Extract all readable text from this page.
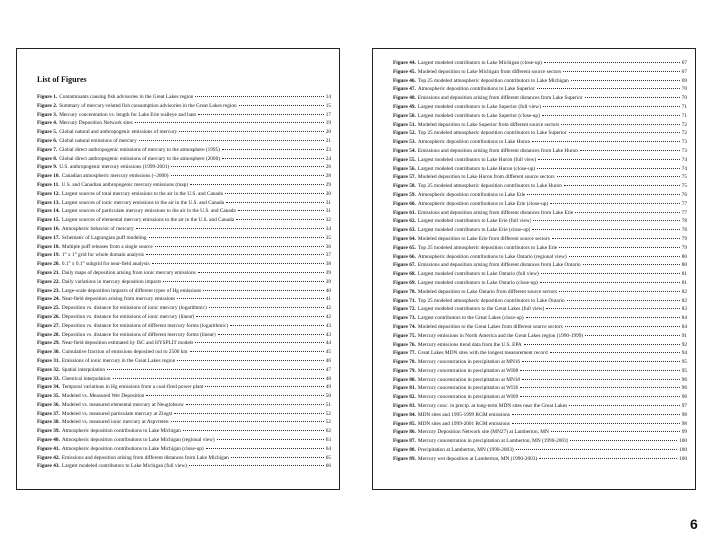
List of Figures
Figure 1. Contaminants causing fish advisories in the Great Lakes region	14
Figure 2. Summary of mercury-related fish consumption advisories in the Great Lakes region	15
Figure 3. Mercury concentration vs. length for Lake Erie walleye and bass	17
Figure 4. Mercury Deposition Network sites	19
Figure 5. Global natural and anthropogenic emissions of mercury	20
Figure 6. Global natural emissions of mercury	21
Figure 7. Global direct anthropogenic emissions of mercury to the atmosphere (1995)	23
Figure 8. Global direct anthropogenic emissions of mercury to the atmosphere (2000)	24
Figure 9. U.S. anthropogenic mercury emissions (1999-2001)	26
Figure 10. Canadian atmospheric mercury emissions (~2000)	28
Figure 11. U.S. and Canadian anthropogenic mercury emissions (map)	29
Figure 12. Largest sources of total mercury emissions to the air in the U.S. and Canada	30
Figure 13. Largest sources of ionic mercury emissions to the air in the U.S. and Canada	31
Figure 14. Largest sources of particulate mercury emissions to the air in the U.S. and Canada	31
Figure 15. Largest sources of elemental mercury emissions to the air in the U.S. and Canada	32
Figure 16. Atmospheric behavior of mercury	34
Figure 17. Schematic of Lagrangian puff modeling	35
Figure 18. Multiple puff releases from a single source	36
Figure 19. 1° x 1° grid for whole domain analysis	37
Figure 20. 0.1° x 0.1° subgrid for near-field analysis	38
Figure 21. Daily maps of deposition arising from ionic mercury emissions	39
Figure 22. Daily variations in mercury deposition impacts	39
Figure 23. Large-scale deposition impacts of different types of Hg emissions	40
Figure 24. Near-field deposition arising from mercury emissions	41
Figure 25. Deposition vs. distance for emissions of ionic mercury (logarithmic)	42
Figure 26. Deposition vs. distance for emissions of ionic mercury (linear)	42
Figure 27. Deposition vs. distance for emissions of different mercury forms (logarithmic)	43
Figure 28. Deposition vs. distance for emissions of different mercury forms (linear)	43
Figure 29. Near-field deposition estimated by ISC and HYSPLIT models	44
Figure 30. Cumulative fraction of emissions deposited out to 2500 km	45
Figure 31. Emissions of ionic mercury in the Great Lakes region	46
Figure 32. Spatial interpolation	47
Figure 33. Chemical interpolation	48
Figure 34. Temporal variations in Hg emissions from a coal-fired power plant	49
Figure 35. Modeled vs. Measured Wet Deposition	50
Figure 36. Modeled vs. measured elemental mercury at Neuglobsow	51
Figure 37. Modeled vs. measured particulate mercury at Zingst	52
Figure 38. Modeled vs. measured ionic mercury at Aspvreten	52
Figure 39. Atmospheric deposition contributions to Lake Michigan	62
Figure 40. Atmospheric deposition contributions to Lake Michigan (regional view)	63
Figure 41. Atmospheric deposition contributions to Lake Michigan (close-up)	64
Figure 42. Emissions and deposition arising from different distances from Lake Michigan	65
Figure 43. Largest modeled contributors to Lake Michigan (full view)	66
Figure 44. Largest modeled contributors to Lake Michigan (close-up)	67
Figure 45. Modeled deposition to Lake Michigan from different source sectors	67
Figure 46. Top 25 modeled atmospheric deposition contributors to Lake Michigan	69
Figure 47. Atmospheric deposition contributions to Lake Superior	70
Figure 48. Emissions and deposition arising from different distances from Lake Superior	70
Figure 49. Largest modeled contributors to Lake Superior (full view)	71
Figure 50. Largest modeled contributors to Lake Superior (close-up)	71
Figure 51. Modeled deposition to Lake Superior from different source sectors	72
Figure 52. Top 25 modeled atmospheric deposition contributors to Lake Superior	72
Figure 53. Atmospheric deposition contributions to Lake Huron	73
Figure 54. Emissions and deposition arising from different distances from Lake Huron	73
Figure 55. Largest modeled contributors to Lake Huron (full view)	74
Figure 56. Largest modeled contributors to Lake Huron (close-up)	74
Figure 57. Modeled deposition to Lake Huron from different source sectors	75
Figure 58. Top 25 modeled atmospheric deposition contributors to Lake Huron	75
Figure 59. Atmospheric deposition contributions to Lake Erie	76
Figure 60. Atmospheric deposition contributions to Lake Erie (close-up)	77
Figure 61. Emissions and deposition arising from different distances from Lake Erie	77
Figure 62. Largest modeled contributors to Lake Erie (full view)	78
Figure 63. Largest modeled contributors to Lake Erie (close-up)	78
Figure 64. Modeled deposition to Lake Erie from different source sectors	79
Figure 65. Top 25 modeled atmospheric deposition contributors to Lake Erie	79
Figure 66. Atmospheric deposition contributions to Lake Ontario (regional view)	80
Figure 67. Emissions and deposition arising from different distances from Lake Ontario	80
Figure 68. Largest modeled contributors to Lake Ontario (full view)	81
Figure 69. Largest modeled contributors to Lake Ontario (close-up)	81
Figure 70. Modeled deposition to Lake Ontario from different source sectors	82
Figure 71. Top 25 modeled atmospheric deposition contributors to Lake Ontario	82
Figure 72. Largest modeled contributors to the Great Lakes (full view)	83
Figure 73. Largest contributors to the Great Lakes (close-up)	84
Figure 74. Modeled deposition to the Great Lakes from different source sectors	84
Figure 75. Mercury emissions in North America and the Great Lakes region (1990-1999)	91
Figure 76. Mercury emissions trend data from the U.S. EPA	92
Figure 77. Great Lakes MDN sites with the longest measurement record	94
Figure 78. Mercury concentration in precipitation at MN16	95
Figure 79. Mercury concentration in precipitation at WI08	95
Figure 80. Mercury concentration in precipitation at MN18	96
Figure 81. Mercury concentration in precipitation at WI36	96
Figure 82. Mercury concentration in precipitation at WI09	96
Figure 83. Mercury conc. in precip. at long-term MDN sites near the Great Lakes	97
Figure 84. MDN sites and 1995-1999 RGM emissions	98
Figure 85. MDN sites and 1999-2001 RGM emissions	98
Figure 86. Mercury Deposition Network site (MN27) at Lamberton, MN	99
Figure 87. Mercury concentration in precipitation at Lamberton, MN (1990-2003)	100
Figure 88. Precipitation at Lamberton, MN (1990-2003)	100
Figure 89. Mercury wet deposition at Lamberton, MN (1990-2003)	100
6
